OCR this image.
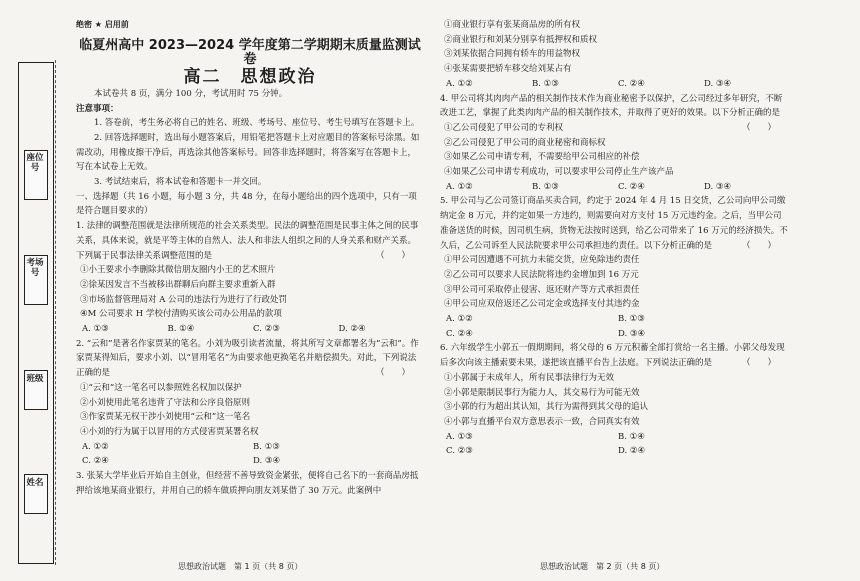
座位号
考场号
班级
姓名
绝密 ★ 启用前
临夏州高中 2023—2024 学年度第二学期期末质量监测试卷
高二　思想政治

本试卷共 8 页，满分 100 分，考试用时 75 分钟。

注意事项：

1. 答卷前，考生务必将自己的姓名、班级、考场号、座位号、考生号填写在答题卡上。

2. 回答选择题时，选出每小题答案后，用铅笔把答题卡上对应题目的答案标号涂黑。如需改动，用橡皮擦干净后，再选涂其他答案标号。回答非选择题时，将答案写在答题卡上，写在本试卷上无效。

3. 考试结束后，将本试卷和答题卡一并交回。

一、选择题（共 16 小题，每小题 3 分，共 48 分，在每小题给出的四个选项中，只有一项是符合题目要求的）

1. 法律的调整范围就是法律所规范的社会关系类型。民法的调整范围是民事主体之间的民事关系，具体来说，就是平等主体的自然人、法人和非法人组织之间的人身关系和财产关系。下列属于民事法律关系调整范围的是	（　　）

①小王要求小李删除其微信朋友圈内小王的艺术照片

②徐某因发言不当被移出群聊后向群主要求重新入群

③市场监督管理局对 A 公司的违法行为进行了行政处罚

④M 公司要求 H 学校付清购买该公司办公用品的款项

A. ①③	B. ①④	C. ②③	D. ②④

2. “云和”是著名作家贾某的笔名。小刘为吸引读者流量，将其所写文章都署名为“云和”。作家贾某得知后，要求小刘、以“冒用笔名”为由要求他更换笔名并赔偿损失。对此，下列说法正确的是	（　　）

①“云和”这一笔名可以参照姓名权加以保护

②小刘使用此笔名违背了守法和公序良俗原则

③作家贾某无权干涉小刘使用“云和”这一笔名

④小刘的行为属于以冒用的方式侵害贾某署名权

A. ①②	B. ①③
C. ②④	D. ③④

3. 张某大学毕业后开始自主创业，但经营不善导致资金紧张，便将自己名下的一套商品房抵押给该地某商业银行，并用自己的轿车做质押向朋友刘某借了 30 万元。此案例中

①商业银行享有张某商品房的所有权

②商业银行和刘某分别享有抵押权和质权

③刘某依据合同拥有轿车的用益物权

④张某需要把轿车移交给刘某占有

A. ①②	B. ①③	C. ②④	D. ③④

4. 甲公司将其肉肉产品的相关制作技术作为商业秘密予以保护，乙公司经过多年研究，不断改进工艺，掌握了此类肉肉产品的相关制作技术，并取得了更好的效果。以下分析正确的是
（　　）

①乙公司侵犯了甲公司的专利权

②乙公司侵犯了甲公司的商业秘密和商标权

③如果乙公司申请专利，不需要给甲公司相应的补偿

④如果乙公司申请专利成功，可以要求甲公司停止生产该产品

A. ①②	B. ①③	C. ②④	D. ③④

5. 甲公司与乙公司签订商品买卖合同，约定于 2024 年 4 月 15 日交货，乙公司向甲公司缴纳定金 8 万元，并约定如果一方违约，则需要向对方支付 15 万元违约金。之后，当甲公司准备送货的时候，因司机生病，货物无法按时送到，给乙公司带来了 16 万元的经济损失。不久后，乙公司诉至人民法院要求甲公司承担违约责任。以下分析正确的是	（　　）

①甲公司因遭遇不可抗力未能交货，应免除违约责任

②乙公司可以要求人民法院将违约金增加到 16 万元

③甲公司可采取停止侵害、返还财产等方式承担责任

④甲公司应双倍返还乙公司定金或选择支付其违约金

A. ①②	B. ①③
C. ②④	D. ③④

6. 六年级学生小郭五一假期期间，将父母的 6 万元积蓄全部打赏给一名主播。小郭父母发现后多次向该主播索要未果，遂把该直播平台告上法庭。下列说法正确的是	（　　）

①小郭属于未成年人，所有民事法律行为无效

②小郭是限制民事行为能力人，其交易行为可能无效

③小郭的行为超出其认知，其行为需得到其父母的追认

④小郭与直播平台双方意思表示一致，合同真实有效

A. ①③	B. ①④
C. ②③	D. ②④
思想政治试题　第 1 页（共 8 页）	思想政治试题　第 2 页（共 8 页）
